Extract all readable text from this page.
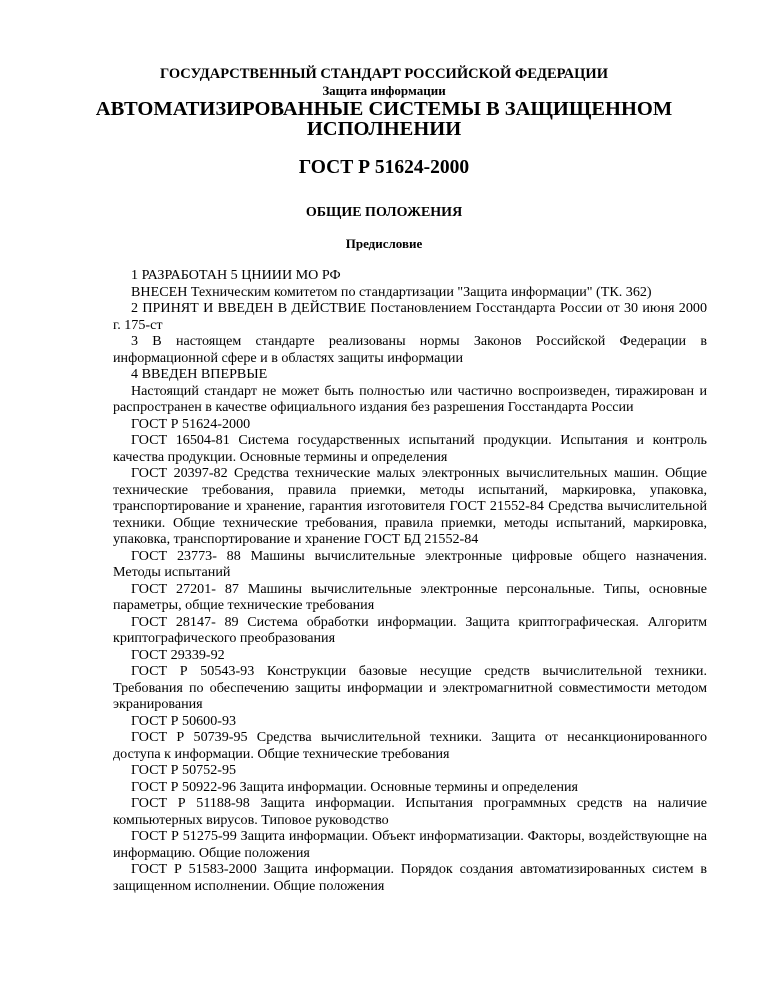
ГОСУДАРСТВЕННЫЙ СТАНДАРТ РОССИЙСКОЙ ФЕДЕРАЦИИ
Защита информации
АВТОМАТИЗИРОВАННЫЕ СИСТЕМЫ В ЗАЩИЩЕННОМ
ИСПОЛНЕНИИ
ГОСТ Р 51624-2000
ОБЩИЕ ПОЛОЖЕНИЯ
Предисловие

1 РАЗРАБОТАН 5 ЦНИИИ МО РФ

ВНЕСЕН Техническим комитетом по стандартизации "Защита информации" (ТК. 362)

2 ПРИНЯТ И ВВЕДЕН В ДЕЙСТВИЕ Постановлением Госстандарта России от 30 июня 2000 г. 175-ст

3 В настоящем стандарте реализованы нормы Законов Российской Федерации в информационной сфере и в областях защиты информации

4 ВВЕДЕН ВПЕРВЫЕ

Настоящий стандарт не может быть полностью или частично воспроизведен, тиражирован и распространен в качестве официального издания без разрешения Госстандарта России

ГОСТ Р 51624-2000

ГОСТ 16504-81 Система государственных испытаний продукции. Испытания и контроль качества продукции. Основные термины и определения

ГОСТ 20397-82 Средства технические малых электронных вычислительных машин. Общие технические требования, правила приемки, методы испытаний, маркировка, упаковка, транспортирование и хранение, гарантия изготовителя ГОСТ 21552-84 Средства вычислительной техники. Общие технические требования, правила приемки, методы испытаний, маркировка, упаковка, транспортирование и хранение ГОСТ БД 21552-84

ГОСТ 23773- 88 Машины вычислительные электронные цифровые общего назначения. Методы испытаний

ГОСТ 27201- 87 Машины вычислительные электронные персональные. Типы, основные параметры, общие технические требования

ГОСТ 28147- 89 Система обработки информации. Защита криптографическая. Алгоритм криптографического преобразования

ГОСТ 29339-92

ГОСТ Р 50543-93 Конструкции базовые несущие средств вычислительной техники. Требования по обеспечению защиты информации и электромагнитной совместимости методом экранирования

ГОСТ Р 50600-93

ГОСТ Р 50739-95 Средства вычислительной техники. Защита от несанкционированного доступа к информации. Общие технические требования

ГОСТ Р 50752-95

ГОСТ Р 50922-96 Защита информации. Основные термины и определения

ГОСТ Р 51188-98 Защита информации. Испытания программных средств на наличие компьютерных вирусов. Типовое руководство

ГОСТ Р 51275-99 Защита информации. Объект информатизации. Факторы, воздействующне на информацию. Общие положения

ГОСТ Р 51583-2000 Защита информации. Порядок создания автоматизированных систем в защищенном исполнении. Общие положения
